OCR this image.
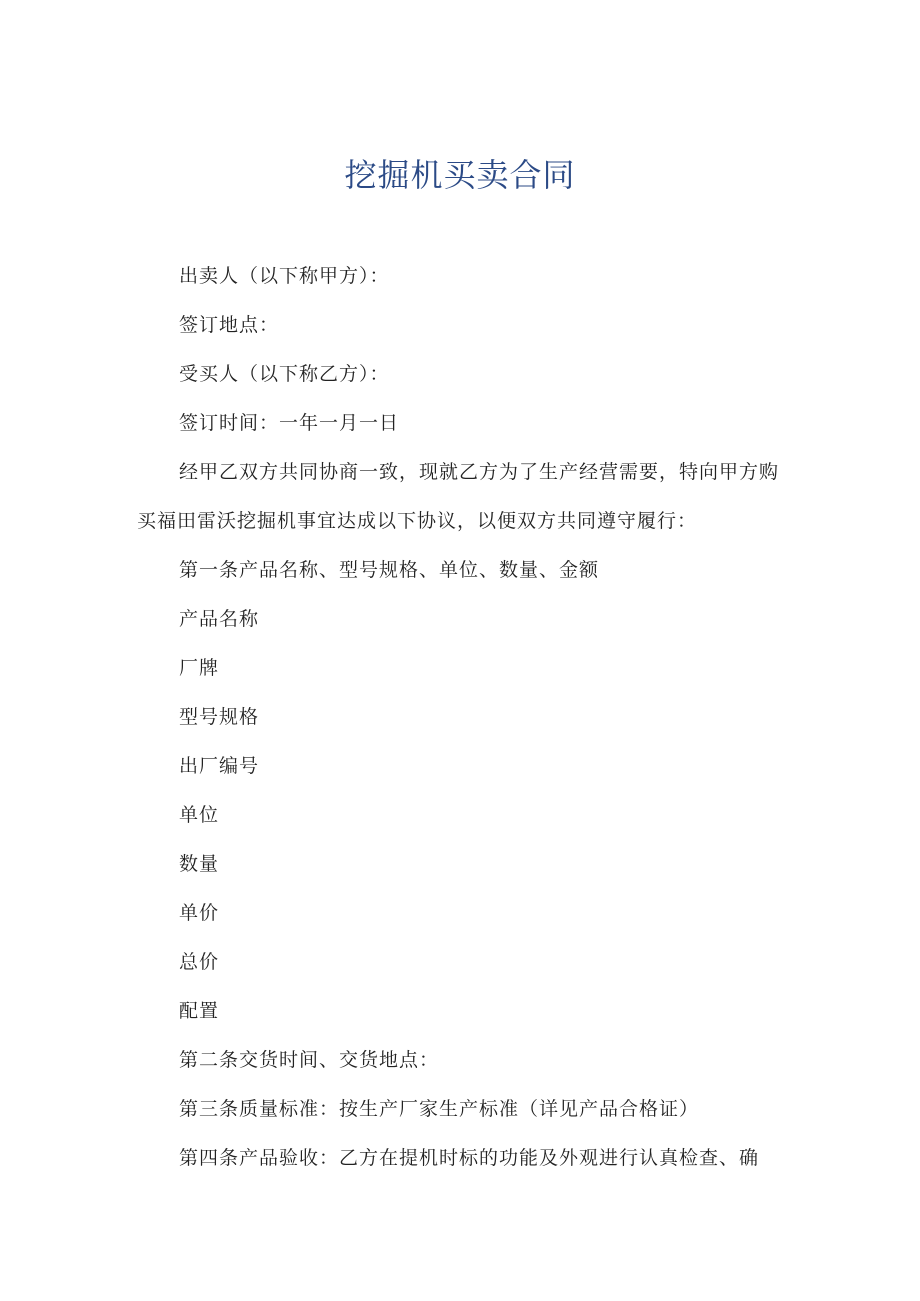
挖掘机买卖合同

出卖人（以下称甲方）：

签订地点：

受买人（以下称乙方）：

签订时间：一年一月一日

经甲乙双方共同协商一致，现就乙方为了生产经营需要，特向甲方购

买福田雷沃挖掘机事宜达成以下协议，以便双方共同遵守履行：

第一条产品名称、型号规格、单位、数量、金额

产品名称

厂牌

型号规格

出厂编号

单位

数量

单价

总价

配置

第二条交货时间、交货地点：

第三条质量标准：按生产厂家生产标准（详见产品合格证）

第四条产品验收：乙方在提机时标的功能及外观进行认真检查、确
